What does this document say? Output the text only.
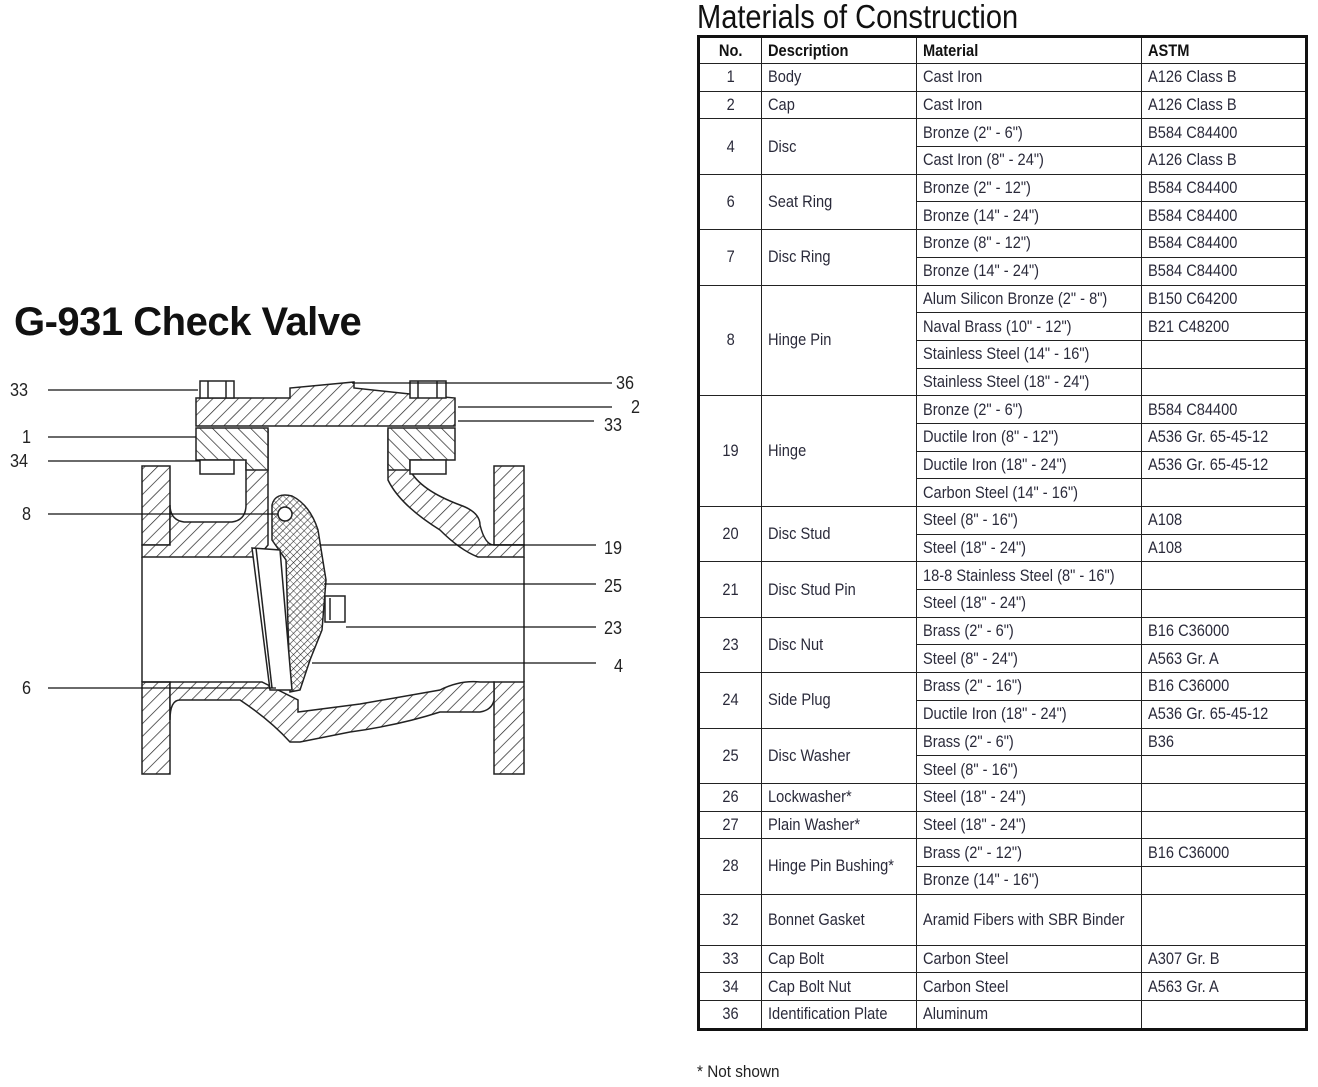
G-931 Check Valve
33
1
34
8
6
36
2
33
19
25
23
4
Materials of Construction
No.	Description	Material	ASTM
1	Body	Cast Iron	A126 Class B
2	Cap	Cast Iron	A126 Class B
4	Disc	Bronze (2" - 6")	B584 C84400
		Cast Iron (8" - 24")	A126 Class B
6	Seat Ring	Bronze (2" - 12")	B584 C84400
		Bronze (14" - 24")	B584 C84400
7	Disc Ring	Bronze (8" - 12")	B584 C84400
		Bronze (14" - 24")	B584 C84400
8	Hinge Pin	Alum Silicon Bronze (2" - 8")	B150 C64200
		Naval Brass (10" - 12")	B21 C48200
		Stainless Steel (14" - 16")	
		Stainless Steel (18" - 24")	
19	Hinge	Bronze (2" - 6")	B584 C84400
		Ductile Iron (8" - 12")	A536 Gr. 65-45-12
		Ductile Iron (18" - 24")	A536 Gr. 65-45-12
		Carbon Steel (14" - 16")	
20	Disc Stud	Steel (8" - 16")	A108
		Steel (18" - 24")	A108
21	Disc Stud Pin	18-8 Stainless Steel (8" - 16")	
		Steel (18" - 24")	
23	Disc Nut	Brass (2" - 6")	B16 C36000
		Steel (8" - 24")	A563 Gr. A
24	Side Plug	Brass (2" - 16")	B16 C36000
		Ductile Iron (18" - 24")	A536 Gr. 65-45-12
25	Disc Washer	Brass (2" - 6")	B36
		Steel (8" - 16")	
26	Lockwasher*	Steel (18" - 24")	
27	Plain Washer*	Steel (18" - 24")	
28	Hinge Pin Bushing*	Brass (2" - 12")	B16 C36000
		Bronze (14" - 16")	
32	Bonnet Gasket	Aramid Fibers with SBR Binder	
33	Cap Bolt	Carbon Steel	A307 Gr. B
34	Cap Bolt Nut	Carbon Steel	A563 Gr. A
36	Identification Plate	Aluminum	
* Not shown
